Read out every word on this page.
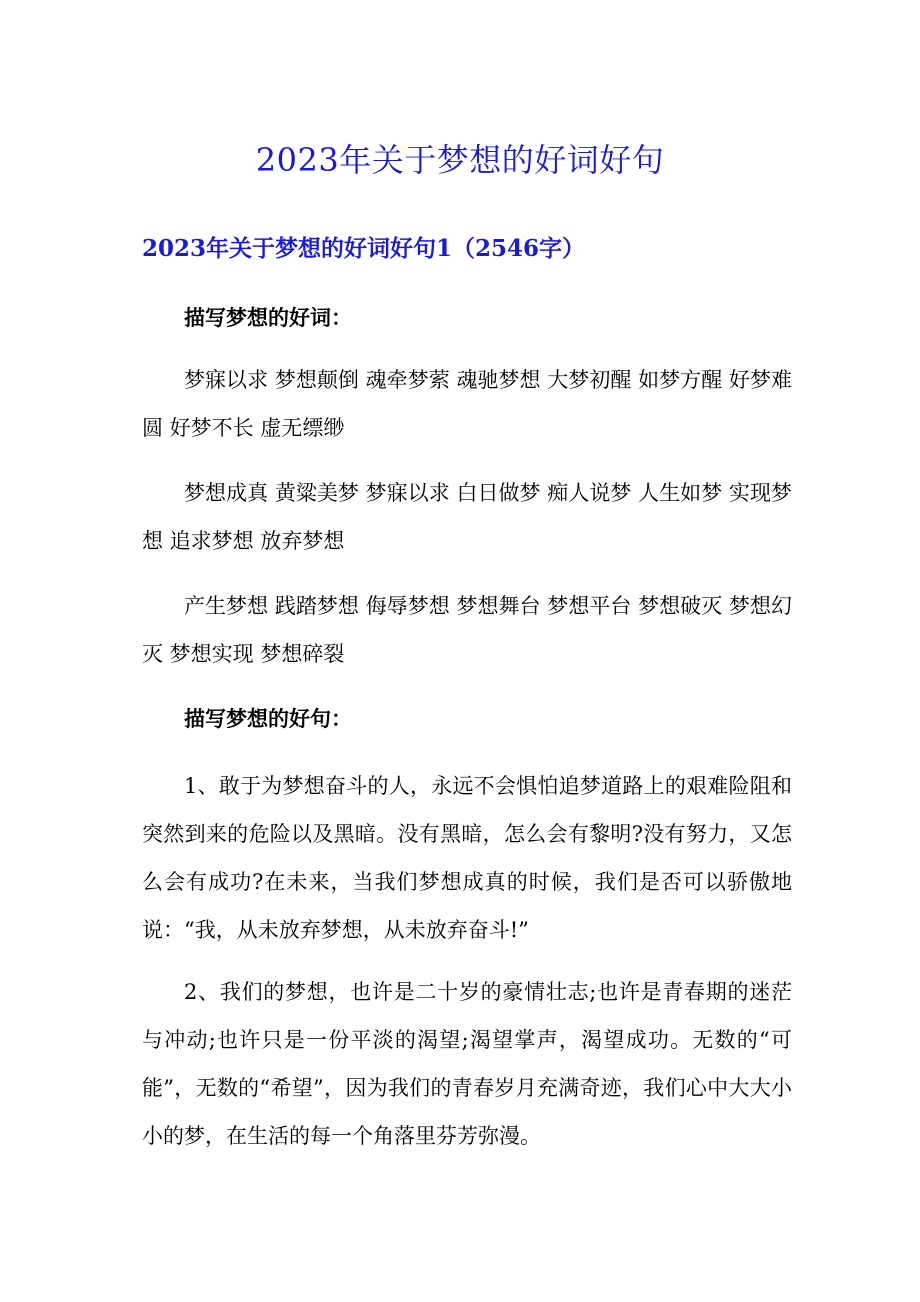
2023年关于梦想的好词好句
2023年关于梦想的好词好句1（2546字）
描写梦想的好词：
梦寐以求 梦想颠倒 魂牵梦萦 魂驰梦想 大梦初醒 如梦方醒 好梦难圆 好梦不长 虚无缥缈
梦想成真 黄粱美梦 梦寐以求 白日做梦 痴人说梦 人生如梦 实现梦想 追求梦想 放弃梦想
产生梦想 践踏梦想 侮辱梦想 梦想舞台 梦想平台 梦想破灭 梦想幻灭 梦想实现 梦想碎裂
描写梦想的好句：
1、敢于为梦想奋斗的人，永远不会惧怕追梦道路上的艰难险阻和突然到来的危险以及黑暗。没有黑暗，怎么会有黎明?没有努力，又怎么会有成功?在未来，当我们梦想成真的时候，我们是否可以骄傲地说：“我，从未放弃梦想，从未放弃奋斗!”
2、我们的梦想，也许是二十岁的豪情壮志;也许是青春期的迷茫与冲动;也许只是一份平淡的渴望;渴望掌声，渴望成功。无数的“可能”，无数的“希望”，因为我们的青春岁月充满奇迹，我们心中大大小小的梦，在生活的每一个角落里芬芳弥漫。
